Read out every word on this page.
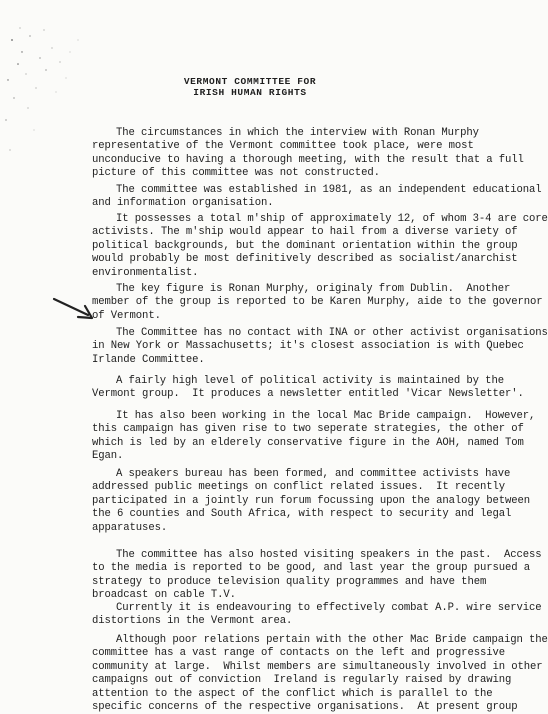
VERMONT COMMITTEE FOR
IRISH HUMAN RIGHTS
The circumstances in which the interview with Ronan Murphy
representative of the Vermont committee took place, were most
unconducive to having a thorough meeting, with the result that a full
picture of this committee was not constructed.
The committee was established in 1981, as an independent educational
and information organisation.
It possesses a total m'ship of approximately 12, of whom 3-4 are core
activists. The m'ship would appear to hail from a diverse variety of
political backgrounds, but the dominant orientation within the group
would probably be most definitively described as socialist/anarchist
environmentalist.
The key figure is Ronan Murphy, originaly from Dublin.  Another
member of the group is reported to be Karen Murphy, aide to the governor
of Vermont.
The Committee has no contact with INA or other activist organisations
in New York or Massachusetts; it's closest association is with Quebec
Irlande Committee.
A fairly high level of political activity is maintained by the
Vermont group.  It produces a newsletter entitled 'Vicar Newsletter'.
It has also been working in the local Mac Bride campaign.  However,
this campaign has given rise to two seperate strategies, the other of
which is led by an elderely conservative figure in the AOH, named Tom
Egan.
A speakers bureau has been formed, and committee activists have
addressed public meetings on conflict related issues.  It recently
participated in a jointly run forum focussing upon the analogy between
the 6 counties and South Africa, with respect to security and legal
apparatuses.
The committee has also hosted visiting speakers in the past.  Access
to the media is reported to be good, and last year the group pursued a
strategy to produce television quality programmes and have them
broadcast on cable T.V.
Currently it is endeavouring to effectively combat A.P. wire service
distortions in the Vermont area.
Although poor relations pertain with the other Mac Bride campaign the
committee has a vast range of contacts on the left and progressive
community at large.  Whilst members are simultaneously involved in other
campaigns out of conviction  Ireland is regularly raised by drawing
attention to the aspect of the conflict which is parallel to the
specific concerns of the respective organisations.  At present group
